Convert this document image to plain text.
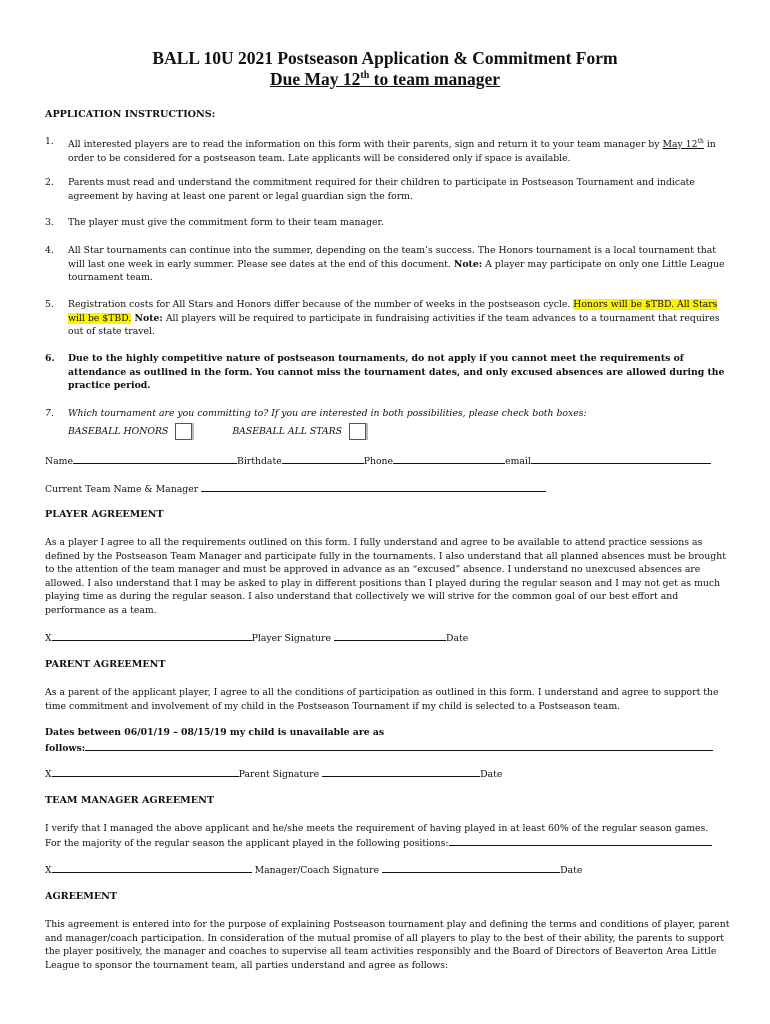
BALL 10U 2021 Postseason Application & Commitment Form
Due May 12th to team manager
APPLICATION INSTRUCTIONS:
1.	All interested players are to read the information on this form with their parents, sign and return it to your team manager by May 12th in order to be considered for a postseason team. Late applicants will be considered only if space is available.
2.	Parents must read and understand the commitment required for their children to participate in Postseason Tournament and indicate agreement by having at least one parent or legal guardian sign the form.
3.	The player must give the commitment form to their team manager.
4.	All Star tournaments can continue into the summer, depending on the team’s success. The Honors tournament is a local tournament that will last one week in early summer. Please see dates at the end of this document. Note: A player may participate on only one Little League tournament team.
5.	Registration costs for All Stars and Honors differ because of the number of weeks in the postseason cycle. Honors will be $TBD. All Stars will be $TBD. Note: All players will be required to participate in fundraising activities if the team advances to a tournament that requires out of state travel.
6.	Due to the highly competitive nature of postseason tournaments, do not apply if you cannot meet the requirements of attendance as outlined in the form. You cannot miss the tournament dates, and only excused absences are allowed during the practice period.
7.	Which tournament are you committing to? If you are interested in both possibilities, please check both boxes:
BASEBALL HONORS	BASEBALL ALL STARS
Name	Birthdate	Phone	email
Current Team Name & Manager
PLAYER AGREEMENT
As a player I agree to all the requirements outlined on this form. I fully understand and agree to be available to attend practice sessions as defined by the Postseason Team Manager and participate fully in the tournaments. I also understand that all planned absences must be brought to the attention of the team manager and must be approved in advance as an “excused” absence. I understand no unexcused absences are allowed. I also understand that I may be asked to play in different positions than I played during the regular season and I may not get as much playing time as during the regular season. I also understand that collectively we will strive for the common goal of our best effort and performance as a team.
X	Player Signature	Date
PARENT AGREEMENT
As a parent of the applicant player, I agree to all the conditions of participation as outlined in this form. I understand and agree to support the time commitment and involvement of my child in the Postseason Tournament if my child is selected to a Postseason team.
Dates between 06/01/19 – 08/15/19 my child is unavailable are as
follows:
X	Parent Signature	Date
TEAM MANAGER AGREEMENT
I verify that I managed the above applicant and he/she meets the requirement of having played in at least 60% of the regular season games.
For the majority of the regular season the applicant played in the following positions:
X	Manager/Coach Signature	Date
AGREEMENT
This agreement is entered into for the purpose of explaining Postseason tournament play and defining the terms and conditions of player, parent and manager/coach participation. In consideration of the mutual promise of all players to play to the best of their ability, the parents to support the player positively, the manager and coaches to supervise all team activities responsibly and the Board of Directors of Beaverton Area Little League to sponsor the tournament team, all parties understand and agree as follows:
